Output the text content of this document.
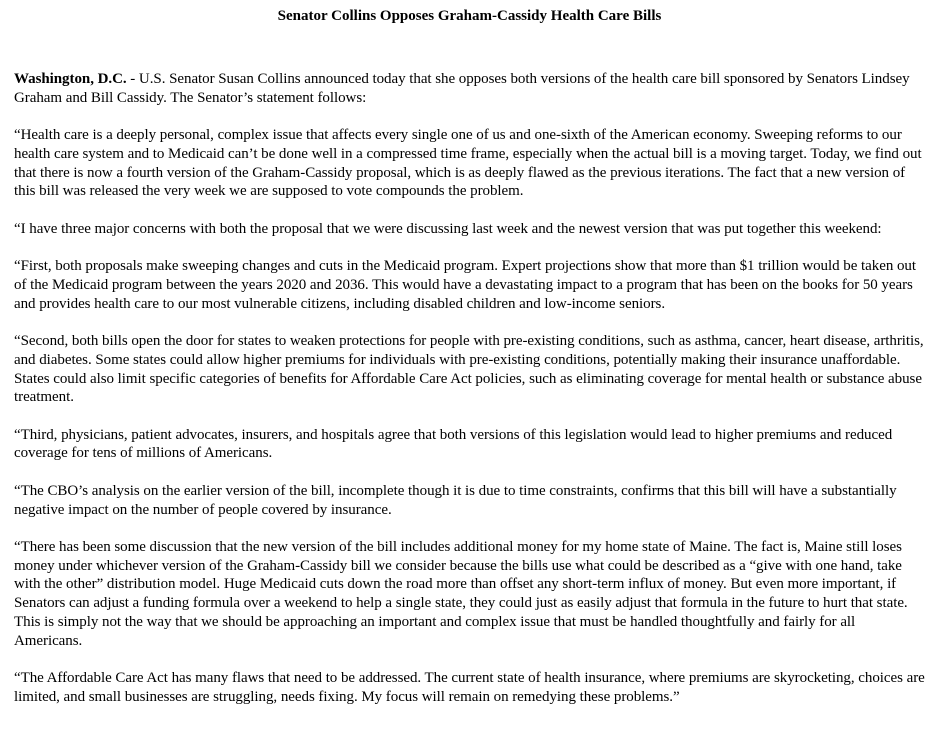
Senator Collins Opposes Graham-Cassidy Health Care Bills

Washington, D.C. - U.S. Senator Susan Collins announced today that she opposes both versions of the health care bill sponsored by Senators Lindsey Graham and Bill Cassidy. The Senator’s statement follows:

“Health care is a deeply personal, complex issue that affects every single one of us and one-sixth of the American economy. Sweeping reforms to our health care system and to Medicaid can’t be done well in a compressed time frame, especially when the actual bill is a moving target. Today, we find out that there is now a fourth version of the Graham-Cassidy proposal, which is as deeply flawed as the previous iterations. The fact that a new version of this bill was released the very week we are supposed to vote compounds the problem.

“I have three major concerns with both the proposal that we were discussing last week and the newest version that was put together this weekend:

“First, both proposals make sweeping changes and cuts in the Medicaid program. Expert projections show that more than $1 trillion would be taken out of the Medicaid program between the years 2020 and 2036. This would have a devastating impact to a program that has been on the books for 50 years and provides health care to our most vulnerable citizens, including disabled children and low-income seniors.

“Second, both bills open the door for states to weaken protections for people with pre-existing conditions, such as asthma, cancer, heart disease, arthritis, and diabetes. Some states could allow higher premiums for individuals with pre-existing conditions, potentially making their insurance unaffordable. States could also limit specific categories of benefits for Affordable Care Act policies, such as eliminating coverage for mental health or substance abuse treatment.

“Third, physicians, patient advocates, insurers, and hospitals agree that both versions of this legislation would lead to higher premiums and reduced coverage for tens of millions of Americans.

“The CBO’s analysis on the earlier version of the bill, incomplete though it is due to time constraints, confirms that this bill will have a substantially negative impact on the number of people covered by insurance.

“There has been some discussion that the new version of the bill includes additional money for my home state of Maine. The fact is, Maine still loses money under whichever version of the Graham-Cassidy bill we consider because the bills use what could be described as a “give with one hand, take with the other” distribution model. Huge Medicaid cuts down the road more than offset any short-term influx of money. But even more important, if Senators can adjust a funding formula over a weekend to help a single state, they could just as easily adjust that formula in the future to hurt that state. This is simply not the way that we should be approaching an important and complex issue that must be handled thoughtfully and fairly for all Americans.

“The Affordable Care Act has many flaws that need to be addressed. The current state of health insurance, where premiums are skyrocketing, choices are limited, and small businesses are struggling, needs fixing. My focus will remain on remedying these problems.”
